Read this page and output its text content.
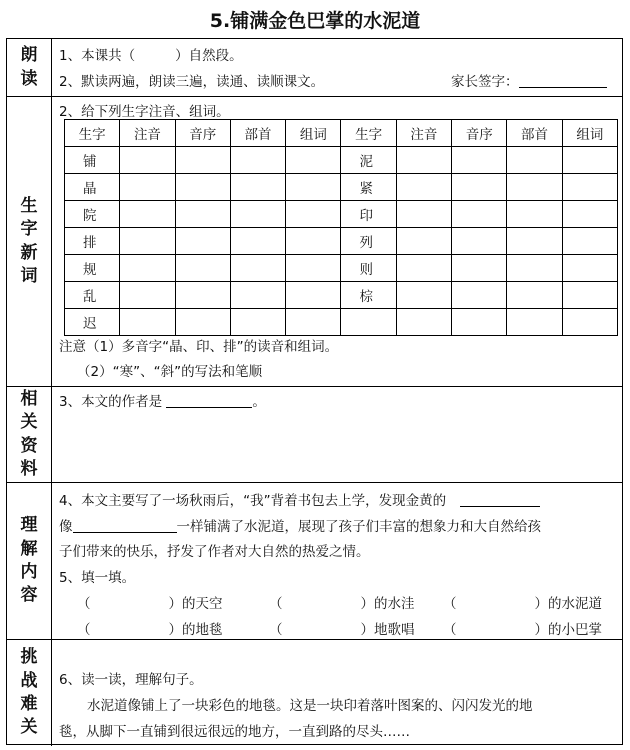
5.铺满金色巴掌的水泥道
朗
读
1、本课共（	）自然段。
2、默读两遍，朗读三遍，读通、读顺课文。	家长签字：
生
字
新
词
2、给下列生字注音、组词。
生字	注音	音序	部首	组词	生字	注音	音序	部首	组词
铺					泥				
晶					紧				
院					印				
排					列				
规					则				
乱					棕				
迟									
注意（1）多音字“晶、印、排”的读音和组词。
（2）“寒”、“斜”的写法和笔顺
相
关
资
料
3、本文的作者是	。
理
解
内
容
4、本文主要写了一场秋雨后，“我”背着书包去上学，发现金黄的
像	一样铺满了水泥道，展现了孩子们丰富的想象力和大自然给孩
子们带来的快乐，抒发了作者对大自然的热爱之情。
5、填一填。
（	）的天空	（	）的水洼 （	）的水泥道
（	）的地毯	（	）地歌唱 （	）的小巴掌
挑
战
难
关
6、读一读，理解句子。
水泥道像铺上了一块彩色的地毯。这是一块印着落叶图案的、闪闪发光的地
毯，从脚下一直铺到很远很远的地方，一直到路的尽头……
